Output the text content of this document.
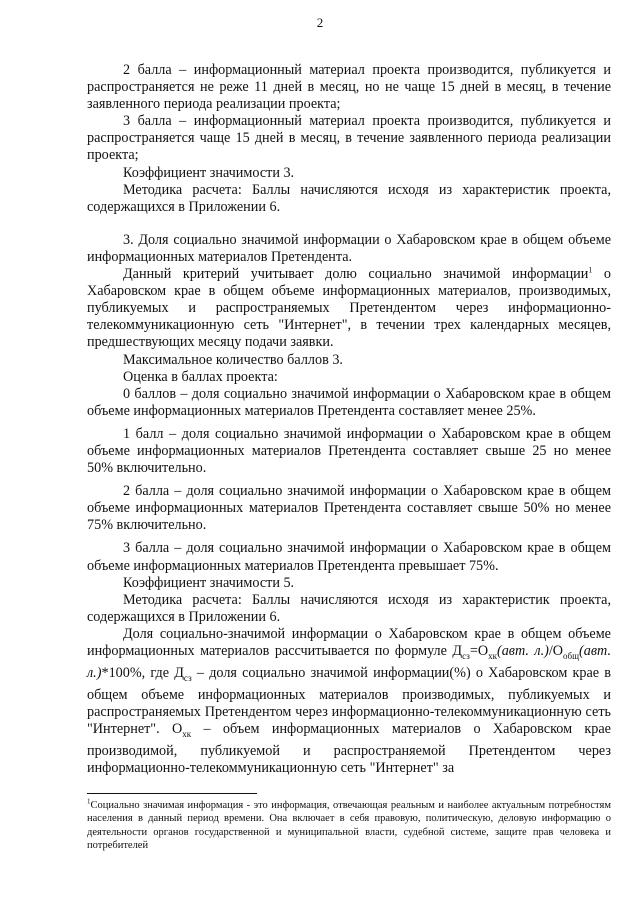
2

2 балла – информационный материал проекта производится, публикуется и распространяется не реже 11 дней в месяц, но не чаще 15 дней в месяц, в течение заявленного периода реализации проекта;

3 балла – информационный материал проекта производится, публикуется и распространяется чаще 15 дней в месяц, в течение заявленного периода реализации проекта;

Коэффициент значимости 3.

Методика расчета: Баллы начисляются исходя из характеристик проекта, содержащихся в Приложении 6.

3. Доля социально значимой информации о Хабаровском крае в общем объеме информационных материалов Претендента.

Данный критерий учитывает долю социально значимой информации$^1$ о Хабаровском крае в общем объеме информационных материалов, производимых, публикуемых и распространяемых Претендентом через информационно-телекоммуникационную сеть "Интернет", в течении трех календарных месяцев, предшествующих месяцу подачи заявки.

Максимальное количество баллов 3.

Оценка в баллах проекта:

0 баллов – доля социально значимой информации о Хабаровском крае в общем объеме информационных материалов Претендента составляет менее 25%.

1 балл – доля социально значимой информации о Хабаровском крае в общем объеме информационных материалов Претендента составляет свыше 25 но менее 50% включительно.

2 балла – доля социально значимой информации о Хабаровском крае в общем объеме информационных материалов Претендента составляет свыше 50% но менее 75% включительно.

3 балла – доля социально значимой информации о Хабаровском крае в общем объеме информационных материалов Претендента превышает 75%.

Коэффициент значимости 5.

Методика расчета: Баллы начисляются исходя из характеристик проекта, содержащихся в Приложении 6.

Доля социально-значимой информации о Хабаровском крае в общем объеме информационных материалов рассчитывается по формуле $Д_{сз}=О_{хк}(авт$. $л.)/О_{общ}(авт$. л.)*100%, где $Д_{сз}$ – доля социально значимой информации(%) о Хабаровском крае в общем объеме информационных материалов производимых, публикуемых и распространяемых Претендентом через информационно-телекоммуникационную сеть "Интернет". $О_{хк}$ – объем информационных материалов о Хабаровском крае производимой, публикуемой и распространяемой Претендентом через информационно-телекоммуникационную сеть "Интернет" за

$^1$Социально значимая информация - это информация, отвечающая реальным и наиболее актуальным потребностям населения в данный период времени. Она включает в себя правовую, политическую, деловую информацию о деятельности органов государственной и муниципальной власти, судебной системе, защите прав человека и потребителей
